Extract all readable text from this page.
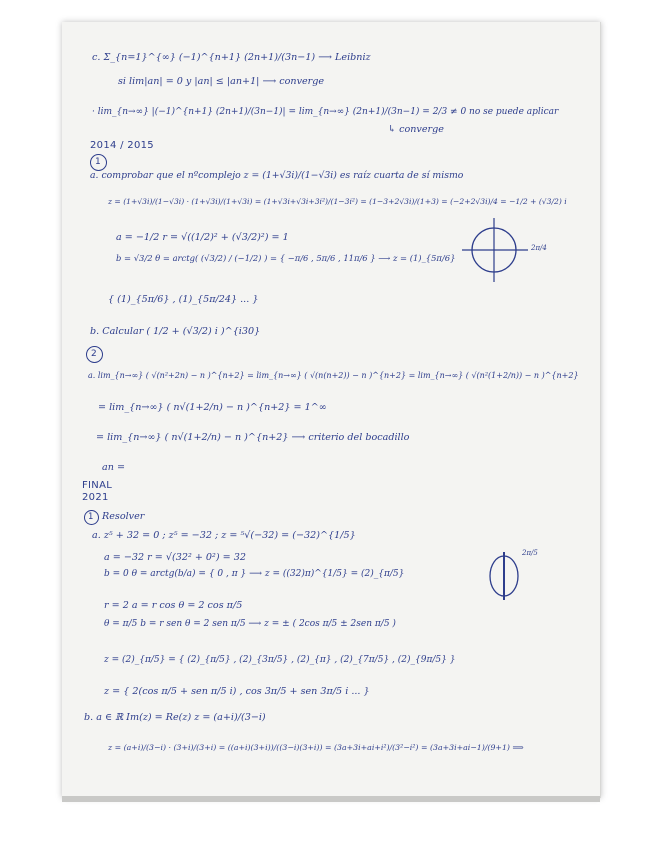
c. Σ_{n=1}^{∞} (−1)^{n+1} (2n+1)/(3n−1) ⟶ Leibniz
si lim|an| = 0 y |an| ≤ |an+1| ⟶ converge
· lim_{n→∞} |(−1)^{n+1} (2n+1)/(3n−1)| = lim_{n→∞} (2n+1)/(3n−1) = 2/3 ≠ 0 no se puede aplicar
↳ converge
2014 / 2015
1
a. comprobar que el nºcomplejo z = (1+√3i)/(1−√3i) es raíz cuarta de sí mismo
z = (1+√3i)/(1−√3i) · (1+√3i)/(1+√3i) = (1+√3i+√3i+3i²)/(1−3i²) = (1−3+2√3i)/(1+3) = (−2+2√3i)/4 = −1/2 + (√3/2) i
a = −1/2 r = √((1/2)² + (√3/2)²) = 1
b = √3/2 θ = arctg( (√3/2) / (−1/2) ) = { −π/6 , 5π/6 , 11π/6 } ⟶ z = (1)_{5π/6}
2π/4
{ (1)_{5π/6} , (1)_{5π/24} ... }
b. Calcular ( 1/2 + (√3/2) i )^{i30}
2
a. lim_{n→∞} ( √(n²+2n) − n )^{n+2} = lim_{n→∞} ( √(n(n+2)) − n )^{n+2} = lim_{n→∞} ( √(n²(1+2/n)) − n )^{n+2}
= lim_{n→∞} ( n√(1+2/n) − n )^{n+2} = 1^∞
= lim_{n→∞} ( n√(1+2/n) − n )^{n+2} ⟶ criterio del bocadillo
an =
FINAL
2021
1 Resolver
a. z⁵ + 32 = 0 ; z⁵ = −32 ; z = ⁵√(−32) = (−32)^{1/5}
a = −32 r = √(32² + 0²) = 32
b = 0 θ = arctg(b/a) = { 0 , π } ⟶ z = ((32)π)^{1/5} = (2)_{π/5}
2π/5
r = 2 a = r cos θ = 2 cos π/5
θ = π/5 b = r sen θ = 2 sen π/5 ⟶ z = ± ( 2cos π/5 ± 2sen π/5 )
z = (2)_{π/5} = { (2)_{π/5} , (2)_{3π/5} , (2)_{π} , (2)_{7π/5} , (2)_{9π/5} }
z = { 2(cos π/5 + sen π/5 i) , cos 3π/5 + sen 3π/5 i ... }
b. a ∈ ℝ Im(z) = Re(z) z = (a+i)/(3−i)
z = (a+i)/(3−i) · (3+i)/(3+i) = ((a+i)(3+i))/((3−i)(3+i)) = (3a+3i+ai+i²)/(3²−i²) = (3a+3i+ai−1)/(9+1) ⟹
